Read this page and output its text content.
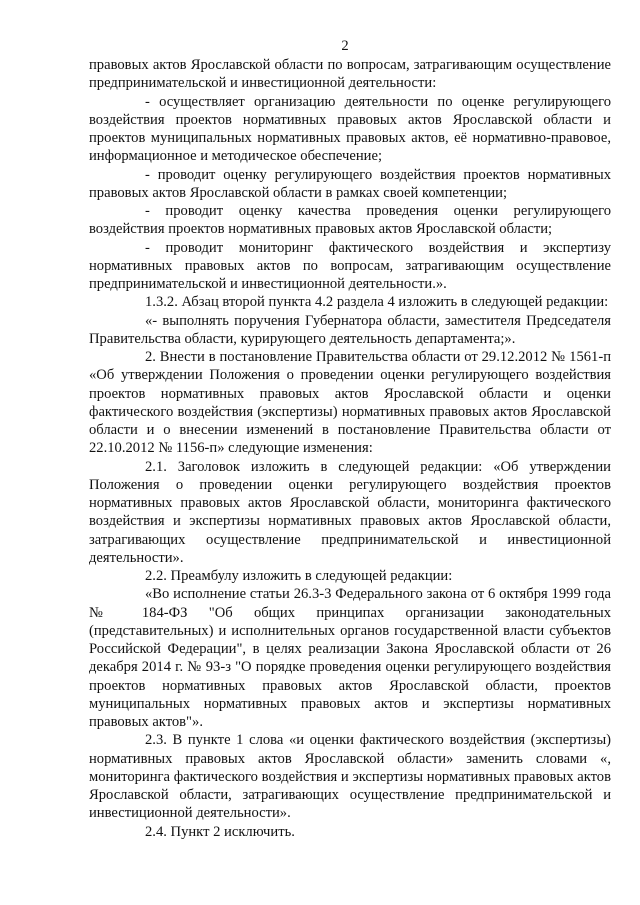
2

правовых актов Ярославской области по вопросам, затрагивающим осуществление предпринимательской и инвестиционной деятельности:

- осуществляет организацию деятельности по оценке регулирующего воздействия проектов нормативных правовых актов Ярославской области и проектов муниципальных нормативных правовых актов, её нормативно-правовое, информационное и методическое обеспечение;

- проводит оценку регулирующего воздействия проектов нормативных правовых актов Ярославской области в рамках своей компетенции;

- проводит оценку качества проведения оценки регулирующего воздействия проектов нормативных правовых актов Ярославской области;

- проводит мониторинг фактического воздействия и экспертизу нормативных правовых актов по вопросам, затрагивающим осуществление предпринимательской и инвестиционной деятельности.».

1.3.2. Абзац второй пункта 4.2 раздела 4 изложить в следующей редакции:

«- выполнять поручения Губернатора области, заместителя Председателя Правительства области, курирующего деятельность департамента;».

2. Внести в постановление Правительства области от 29.12.2012 № 1561-п «Об утверждении Положения о проведении оценки регулирующего воздействия проектов нормативных правовых актов Ярославской области и оценки фактического воздействия (экспертизы) нормативных правовых актов Ярославской области и о внесении изменений в постановление Правительства области от 22.10.2012 № 1156-п» следующие изменения:

2.1. Заголовок изложить в следующей редакции: «Об утверждении Положения о проведении оценки регулирующего воздействия проектов нормативных правовых актов Ярославской области, мониторинга фактического воздействия и экспертизы нормативных правовых актов Ярославской области, затрагивающих осуществление предпринимательской и инвестиционной деятельности».

2.2. Преамбулу изложить в следующей редакции:

«Во исполнение статьи 26.3-3 Федерального закона от 6 октября 1999 года № 184-ФЗ "Об общих принципах организации законодательных (представительных) и исполнительных органов государственной власти субъектов Российской Федерации", в целях реализации Закона Ярославской области от 26 декабря 2014 г. № 93-з "О порядке проведения оценки регулирующего воздействия проектов нормативных правовых актов Ярославской области, проектов муниципальных нормативных правовых актов и экспертизы нормативных правовых актов"».

2.3. В пункте 1 слова «и оценки фактического воздействия (экспертизы) нормативных правовых актов Ярославской области» заменить словами «, мониторинга фактического воздействия и экспертизы нормативных правовых актов Ярославской области, затрагивающих осуществление предпринимательской и инвестиционной деятельности».

2.4. Пункт 2 исключить.
